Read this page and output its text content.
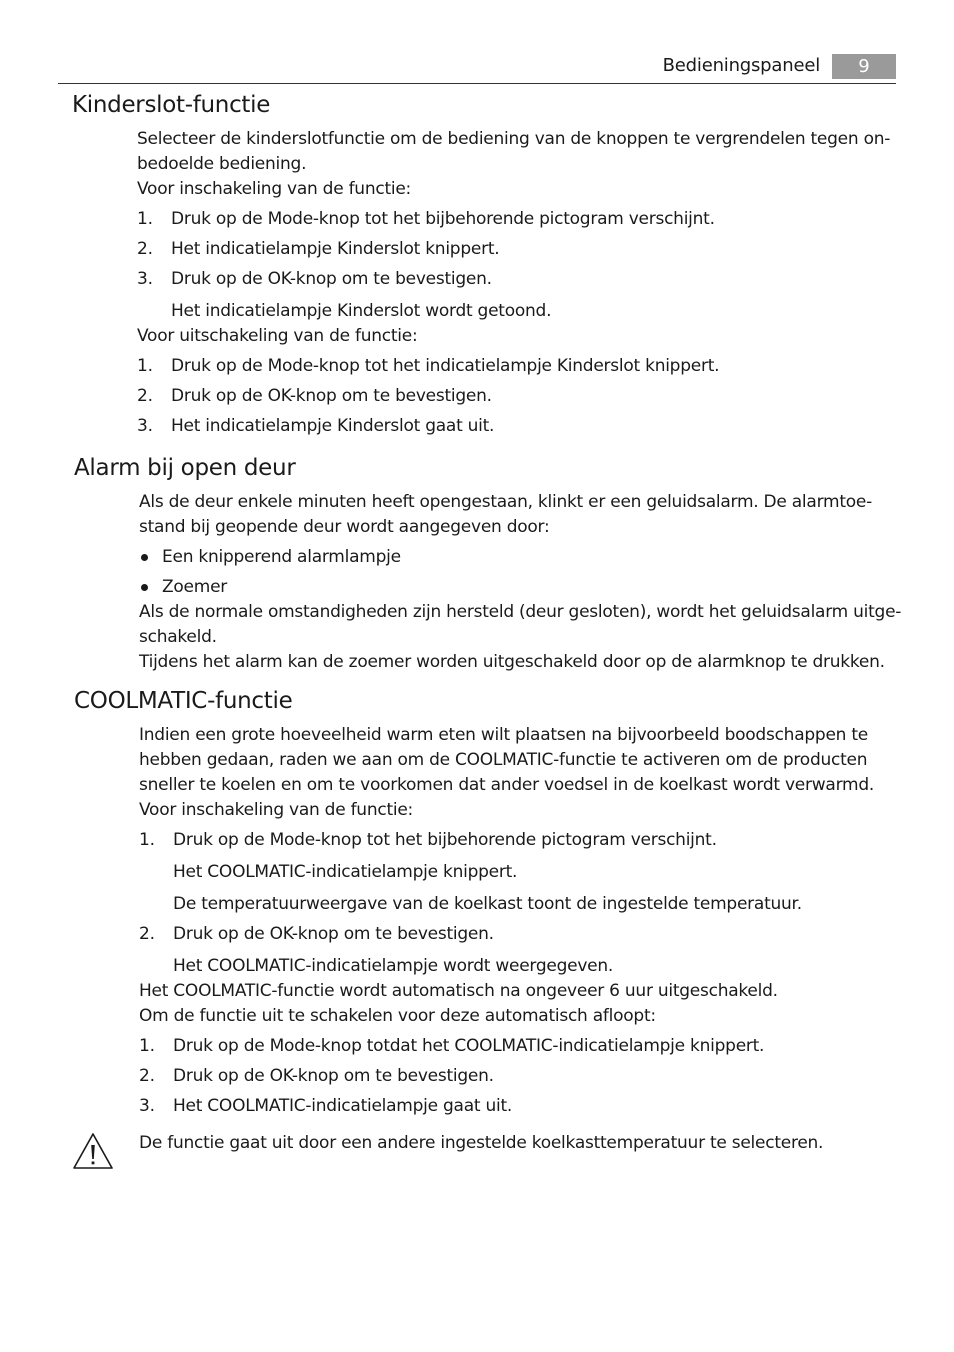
Bedieningspaneel	9
Kinderslot-functie

Selecteer de kinderslotfunctie om de bediening van de knoppen te vergrendelen tegen on-

bedoelde bediening.

Voor inschakeling van de functie:

1. Druk op de Mode-knop tot het bijbehorende pictogram verschijnt.

2. Het indicatielampje Kinderslot knippert.

3. Druk op de OK-knop om te bevestigen.

Het indicatielampje Kinderslot wordt getoond.

Voor uitschakeling van de functie:

1. Druk op de Mode-knop tot het indicatielampje Kinderslot knippert.

2. Druk op de OK-knop om te bevestigen.

3. Het indicatielampje Kinderslot gaat uit.

Alarm bij open deur

Als de deur enkele minuten heeft opengestaan, klinkt er een geluidsalarm. De alarmtoe-

stand bij geopende deur wordt aangegeven door:

Een knipperend alarmlampje

Zoemer

Als de normale omstandigheden zijn hersteld (deur gesloten), wordt het geluidsalarm uitge-

schakeld.

Tijdens het alarm kan de zoemer worden uitgeschakeld door op de alarmknop te drukken.

COOLMATIC-functie

Indien een grote hoeveelheid warm eten wilt plaatsen na bijvoorbeeld boodschappen te

hebben gedaan, raden we aan om de COOLMATIC-functie te activeren om de producten

sneller te koelen en om te voorkomen dat ander voedsel in de koelkast wordt verwarmd.

Voor inschakeling van de functie:

1. Druk op de Mode-knop tot het bijbehorende pictogram verschijnt.

Het COOLMATIC-indicatielampje knippert.

De temperatuurweergave van de koelkast toont de ingestelde temperatuur.

2. Druk op de OK-knop om te bevestigen.

Het COOLMATIC-indicatielampje wordt weergegeven.

Het COOLMATIC-functie wordt automatisch na ongeveer 6 uur uitgeschakeld.

Om de functie uit te schakelen voor deze automatisch afloopt:

1. Druk op de Mode-knop totdat het COOLMATIC-indicatielampje knippert.

2. Druk op de OK-knop om te bevestigen.

3. Het COOLMATIC-indicatielampje gaat uit.

De functie gaat uit door een andere ingestelde koelkasttemperatuur te selecteren.
